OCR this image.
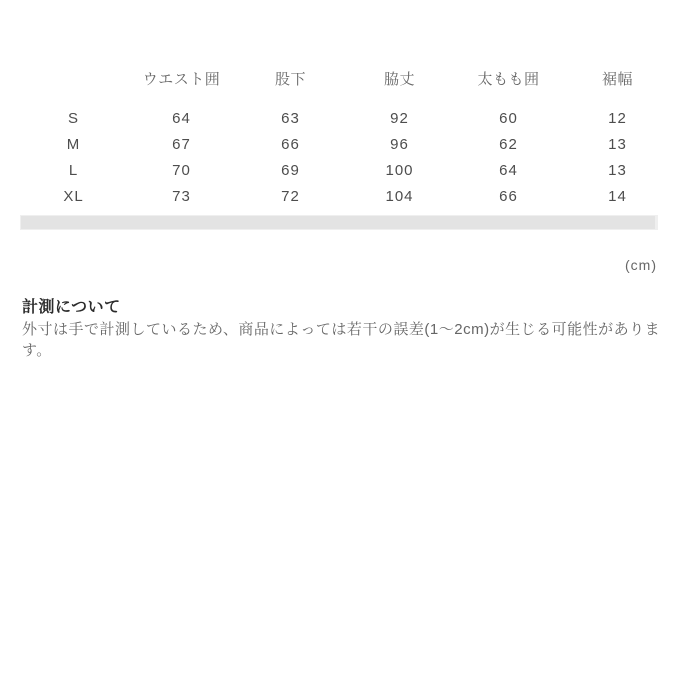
	ウエスト囲	股下	脇丈	太もも囲	裾幅
S	64	63	92	60	12
M	67	66	96	62	13
L	70	69	100	64	13
XL	73	72	104	66	14
(cm)
計測について

外寸は手で計測しているため、商品によっては若干の誤差(1〜2cm)が生じる可能性があります。
